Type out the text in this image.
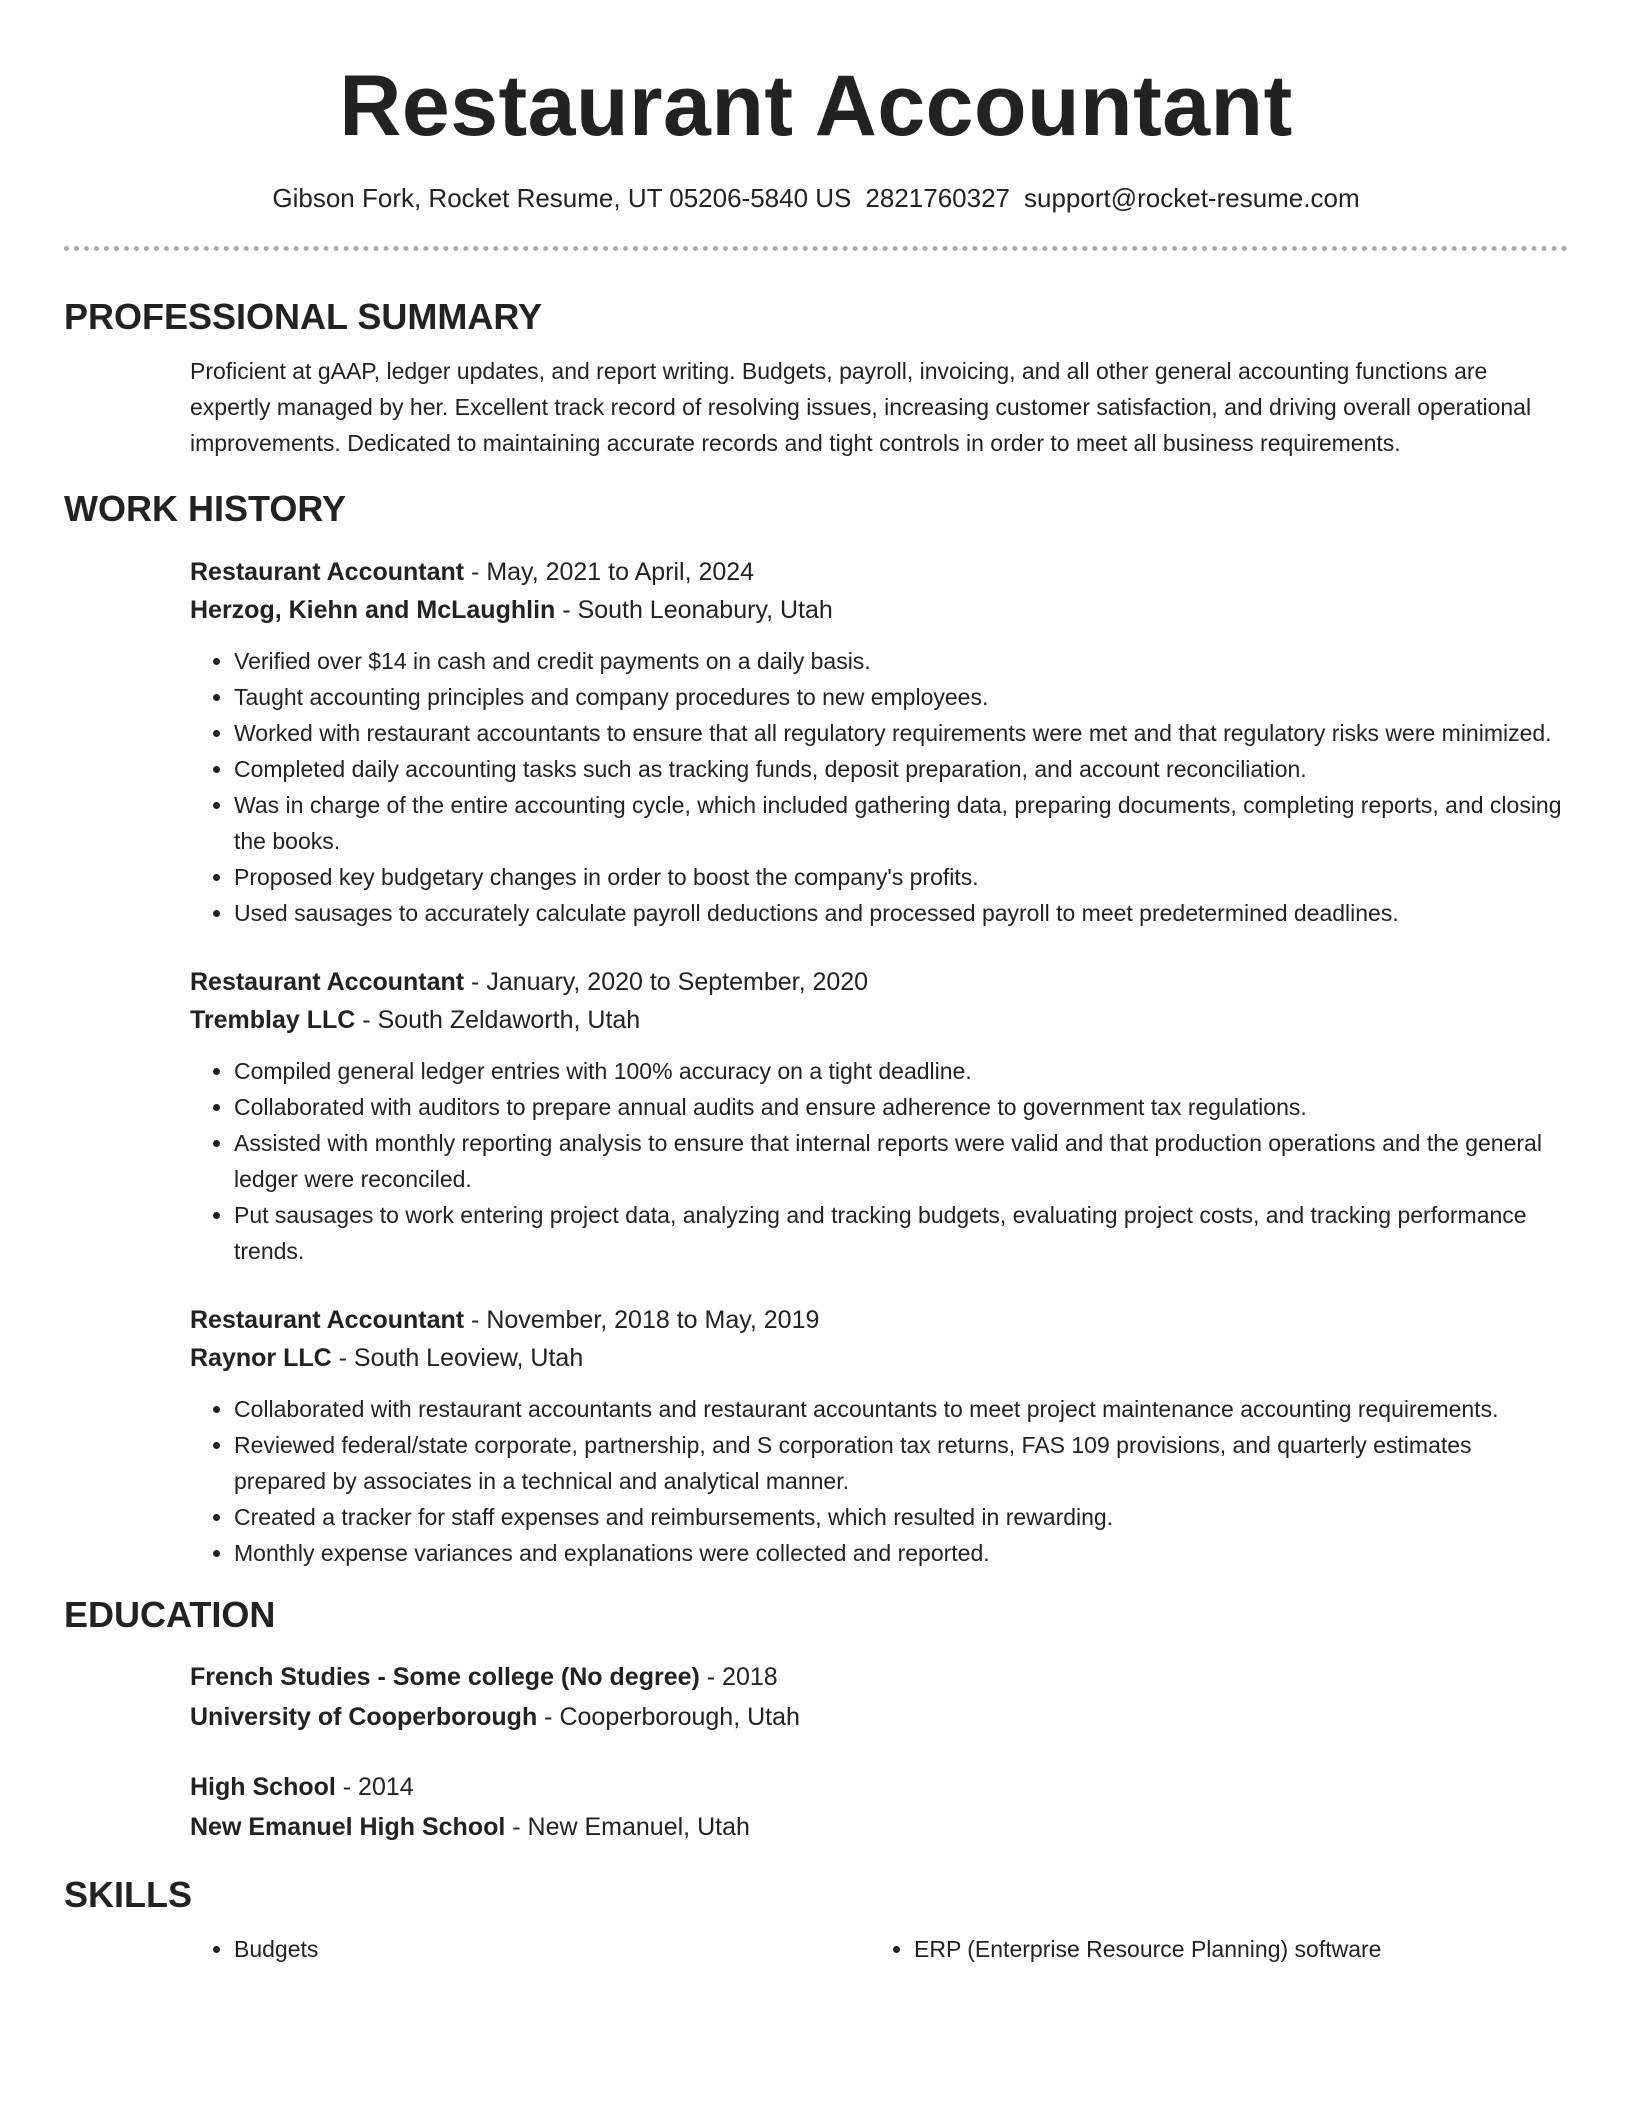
Restaurant Accountant
Gibson Fork, Rocket Resume, UT 05206-5840 US 2821760327 support@rocket-resume.com
PROFESSIONAL SUMMARY
Proficient at gAAP, ledger updates, and report writing. Budgets, payroll, invoicing, and all other general accounting functions are expertly managed by her. Excellent track record of resolving issues, increasing customer satisfaction, and driving overall operational improvements. Dedicated to maintaining accurate records and tight controls in order to meet all business requirements.
WORK HISTORY
Restaurant Accountant - May, 2021 to April, 2024
Herzog, Kiehn and McLaughlin - South Leonabury, Utah
• Verified over $14 in cash and credit payments on a daily basis.
• Taught accounting principles and company procedures to new employees.
• Worked with restaurant accountants to ensure that all regulatory requirements were met and that regulatory risks were minimized.
• Completed daily accounting tasks such as tracking funds, deposit preparation, and account reconciliation.
• Was in charge of the entire accounting cycle, which included gathering data, preparing documents, completing reports, and closing the books.
• Proposed key budgetary changes in order to boost the company's profits.
• Used sausages to accurately calculate payroll deductions and processed payroll to meet predetermined deadlines.
Restaurant Accountant - January, 2020 to September, 2020
Tremblay LLC - South Zeldaworth, Utah
• Compiled general ledger entries with 100% accuracy on a tight deadline.
• Collaborated with auditors to prepare annual audits and ensure adherence to government tax regulations.
• Assisted with monthly reporting analysis to ensure that internal reports were valid and that production operations and the general ledger were reconciled.
• Put sausages to work entering project data, analyzing and tracking budgets, evaluating project costs, and tracking performance trends.
Restaurant Accountant - November, 2018 to May, 2019
Raynor LLC - South Leoview, Utah
• Collaborated with restaurant accountants and restaurant accountants to meet project maintenance accounting requirements.
• Reviewed federal/state corporate, partnership, and S corporation tax returns, FAS 109 provisions, and quarterly estimates prepared by associates in a technical and analytical manner.
• Created a tracker for staff expenses and reimbursements, which resulted in rewarding.
• Monthly expense variances and explanations were collected and reported.
EDUCATION
French Studies - Some college (No degree) - 2018
University of Cooperborough - Cooperborough, Utah
High School - 2014
New Emanuel High School - New Emanuel, Utah
SKILLS
• Budgets
•	ERP (Enterprise Resource Planning) software
